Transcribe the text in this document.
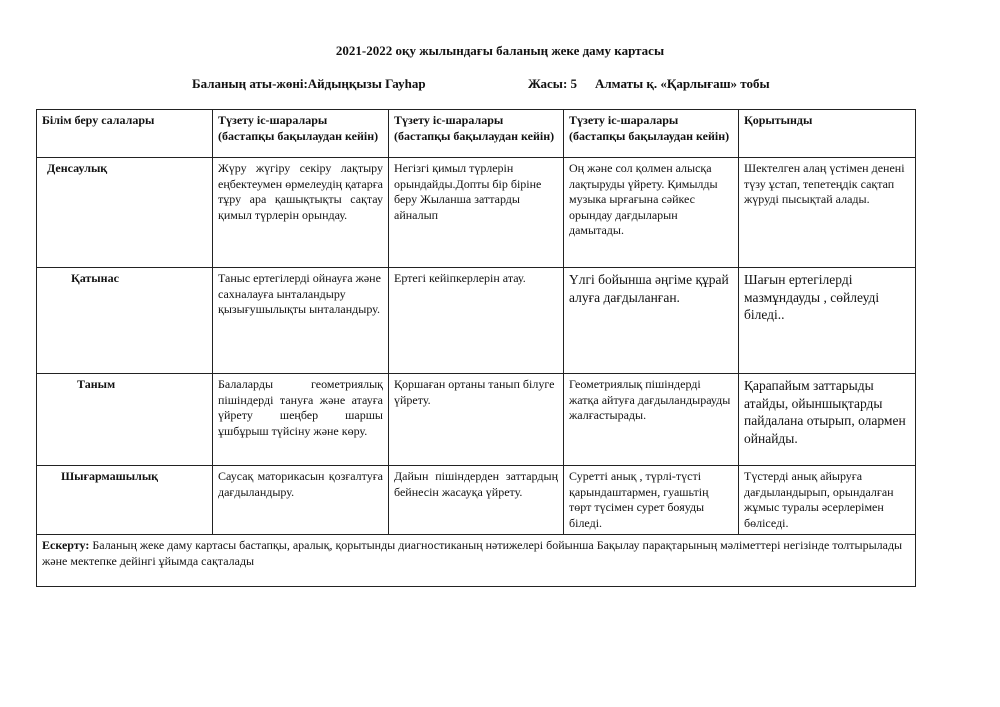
2021-2022 оқу жылындағы баланың жеке даму картасы
Баланың аты-жөні:Айдыңқызы Гауһар	Жасы: 5 Алматы қ. «Қарлығаш» тобы
Білім беру салалары	Түзету іс-шаралары (бастапқы бақылаудан кейін)	Түзету іс-шаралары (бастапқы бақылаудан кейін)	Түзету іс-шаралары (бастапқы бақылаудан кейін)	Қорытынды
Денсаулық	Жүру жүгіру секіру лақтыру еңбектеумен өрмелеудің қатарға тұру ара қашықтықты сақтау қимыл түрлерін орындау.	Негізгі қимыл түрлерін орындайды.Допты бір біріне беру Жыланша заттарды айналып	Оң және сол қолмен алысқа лақтыруды үйрету. Қимылды музыка ырғағына сәйкес орындау дағдыларын дамытады.	Шектелген алаң үстімен денені түзу ұстап, тепетеңдік сақтап жүруді пысықтай алады.
Қатынас	Таныс ертегілерді ойнауға және сахналауға ынталандыру қызығушылықты ынталандыру.	Ертегі кейіпкерлерін атау.	Үлгі бойынша әңгіме құрай алуға дағдыланған.	Шағын ертегілерді мазмұндауды , сөйлеуді біледі..
Таным	Балаларды геометриялық пішіндерді тануға және атауға үйрету шеңбер шаршы ұшбұрыш түйсіну және көру.	Қоршаған ортаны танып білуге үйрету.	Геометриялық пішіндерді жатқа айтуға дағдыландырауды жалғастырады.	Қарапайым заттарыды атайды, ойыншықтарды пайдалана отырып, олармен ойнайды.
Шығармашылық	Саусақ маторикасын қозғалтуға дағдыландыру.	Дайын пішіндерден заттардың бейнесін жасауқа үйрету.	Суретті анық , түрлі-түсті қарындаштармен, гуашьтің төрт түсімен сурет бояуды біледі.	Түстерді анық айыруға дағдыландырып, орындалған жұмыс туралы әсерлерімен бөліседі.
Ескерту: Баланың жеке даму картасы бастапқы, аралық, қорытынды диагностиканың нәтижелері бойынша Бақылау парақтарының мәліметтері негізінде толтырылады және мектепке дейінгі ұйымда сақталады				
